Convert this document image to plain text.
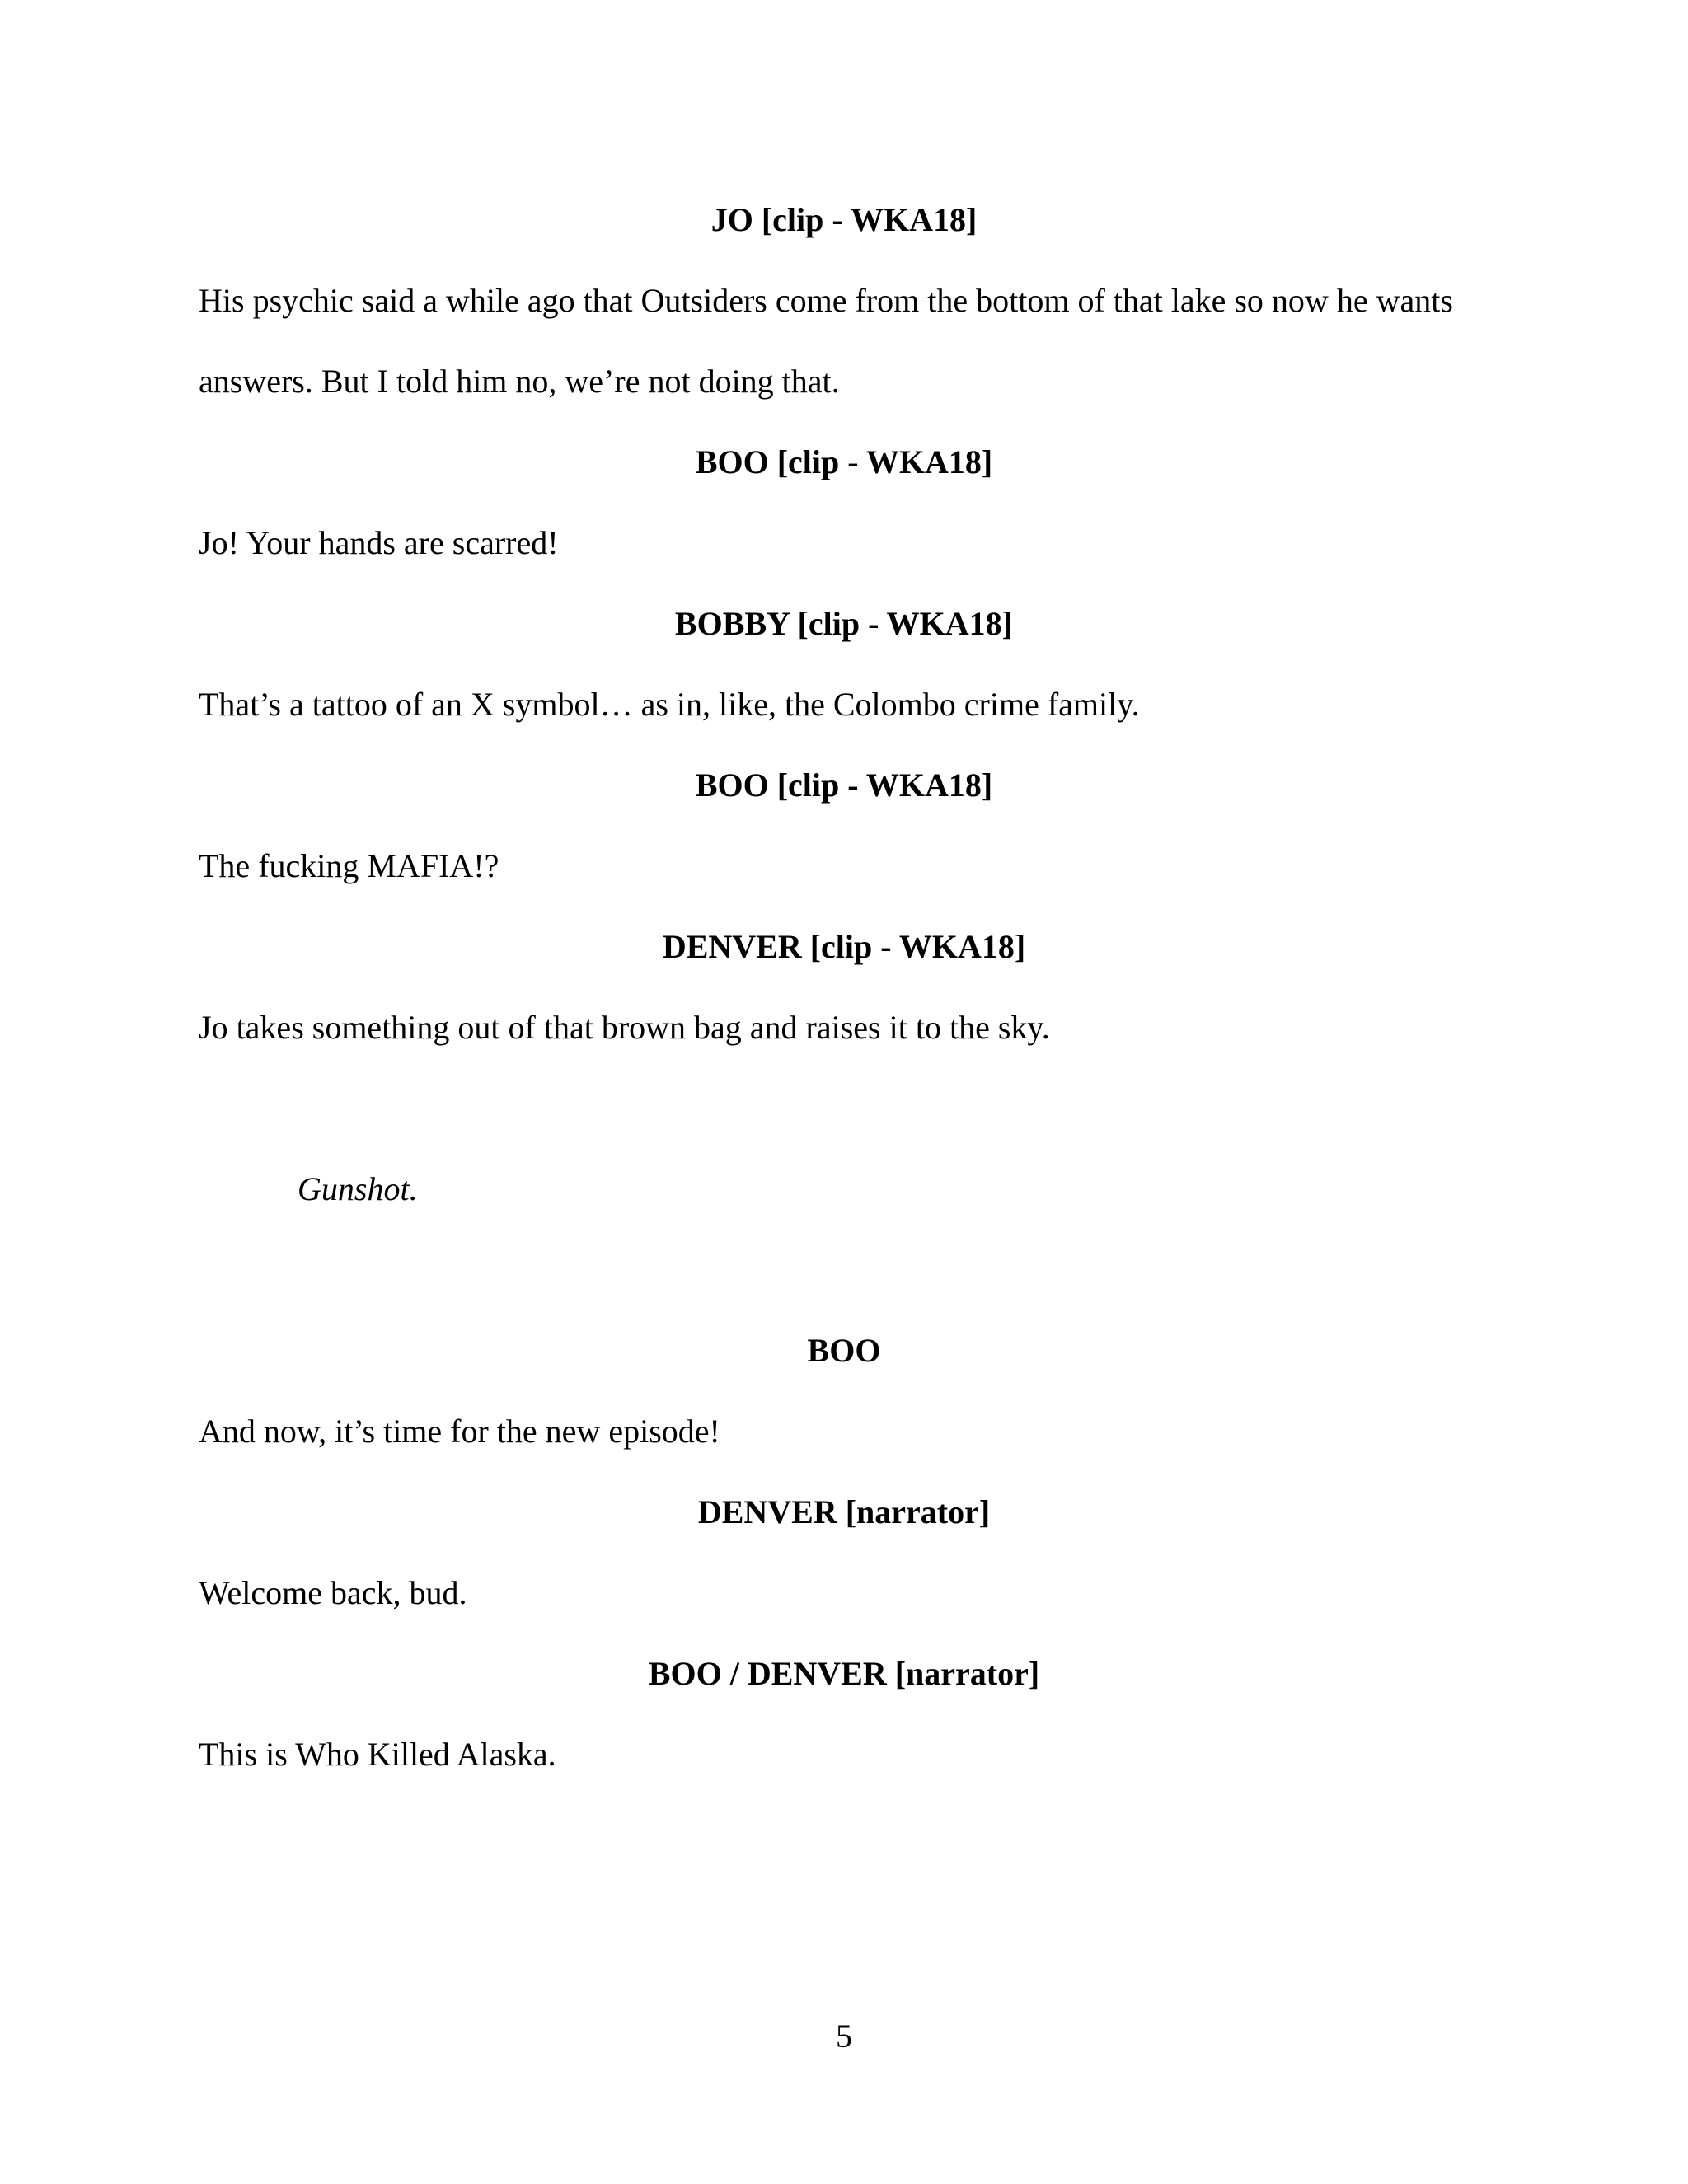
JO [clip - WKA18]
His psychic said a while ago that Outsiders come from the bottom of that lake so now he wants
answers. But I told him no, we’re not doing that.
BOO [clip - WKA18]
Jo! Your hands are scarred!
BOBBY [clip - WKA18]
That’s a tattoo of an X symbol… as in, like, the Colombo crime family.
BOO [clip - WKA18]
The fucking MAFIA!?
DENVER [clip - WKA18]
Jo takes something out of that brown bag and raises it to the sky.
Gunshot.
BOO
And now, it’s time for the new episode!
DENVER [narrator]
Welcome back, bud.
BOO / DENVER [narrator]
This is Who Killed Alaska.
5
